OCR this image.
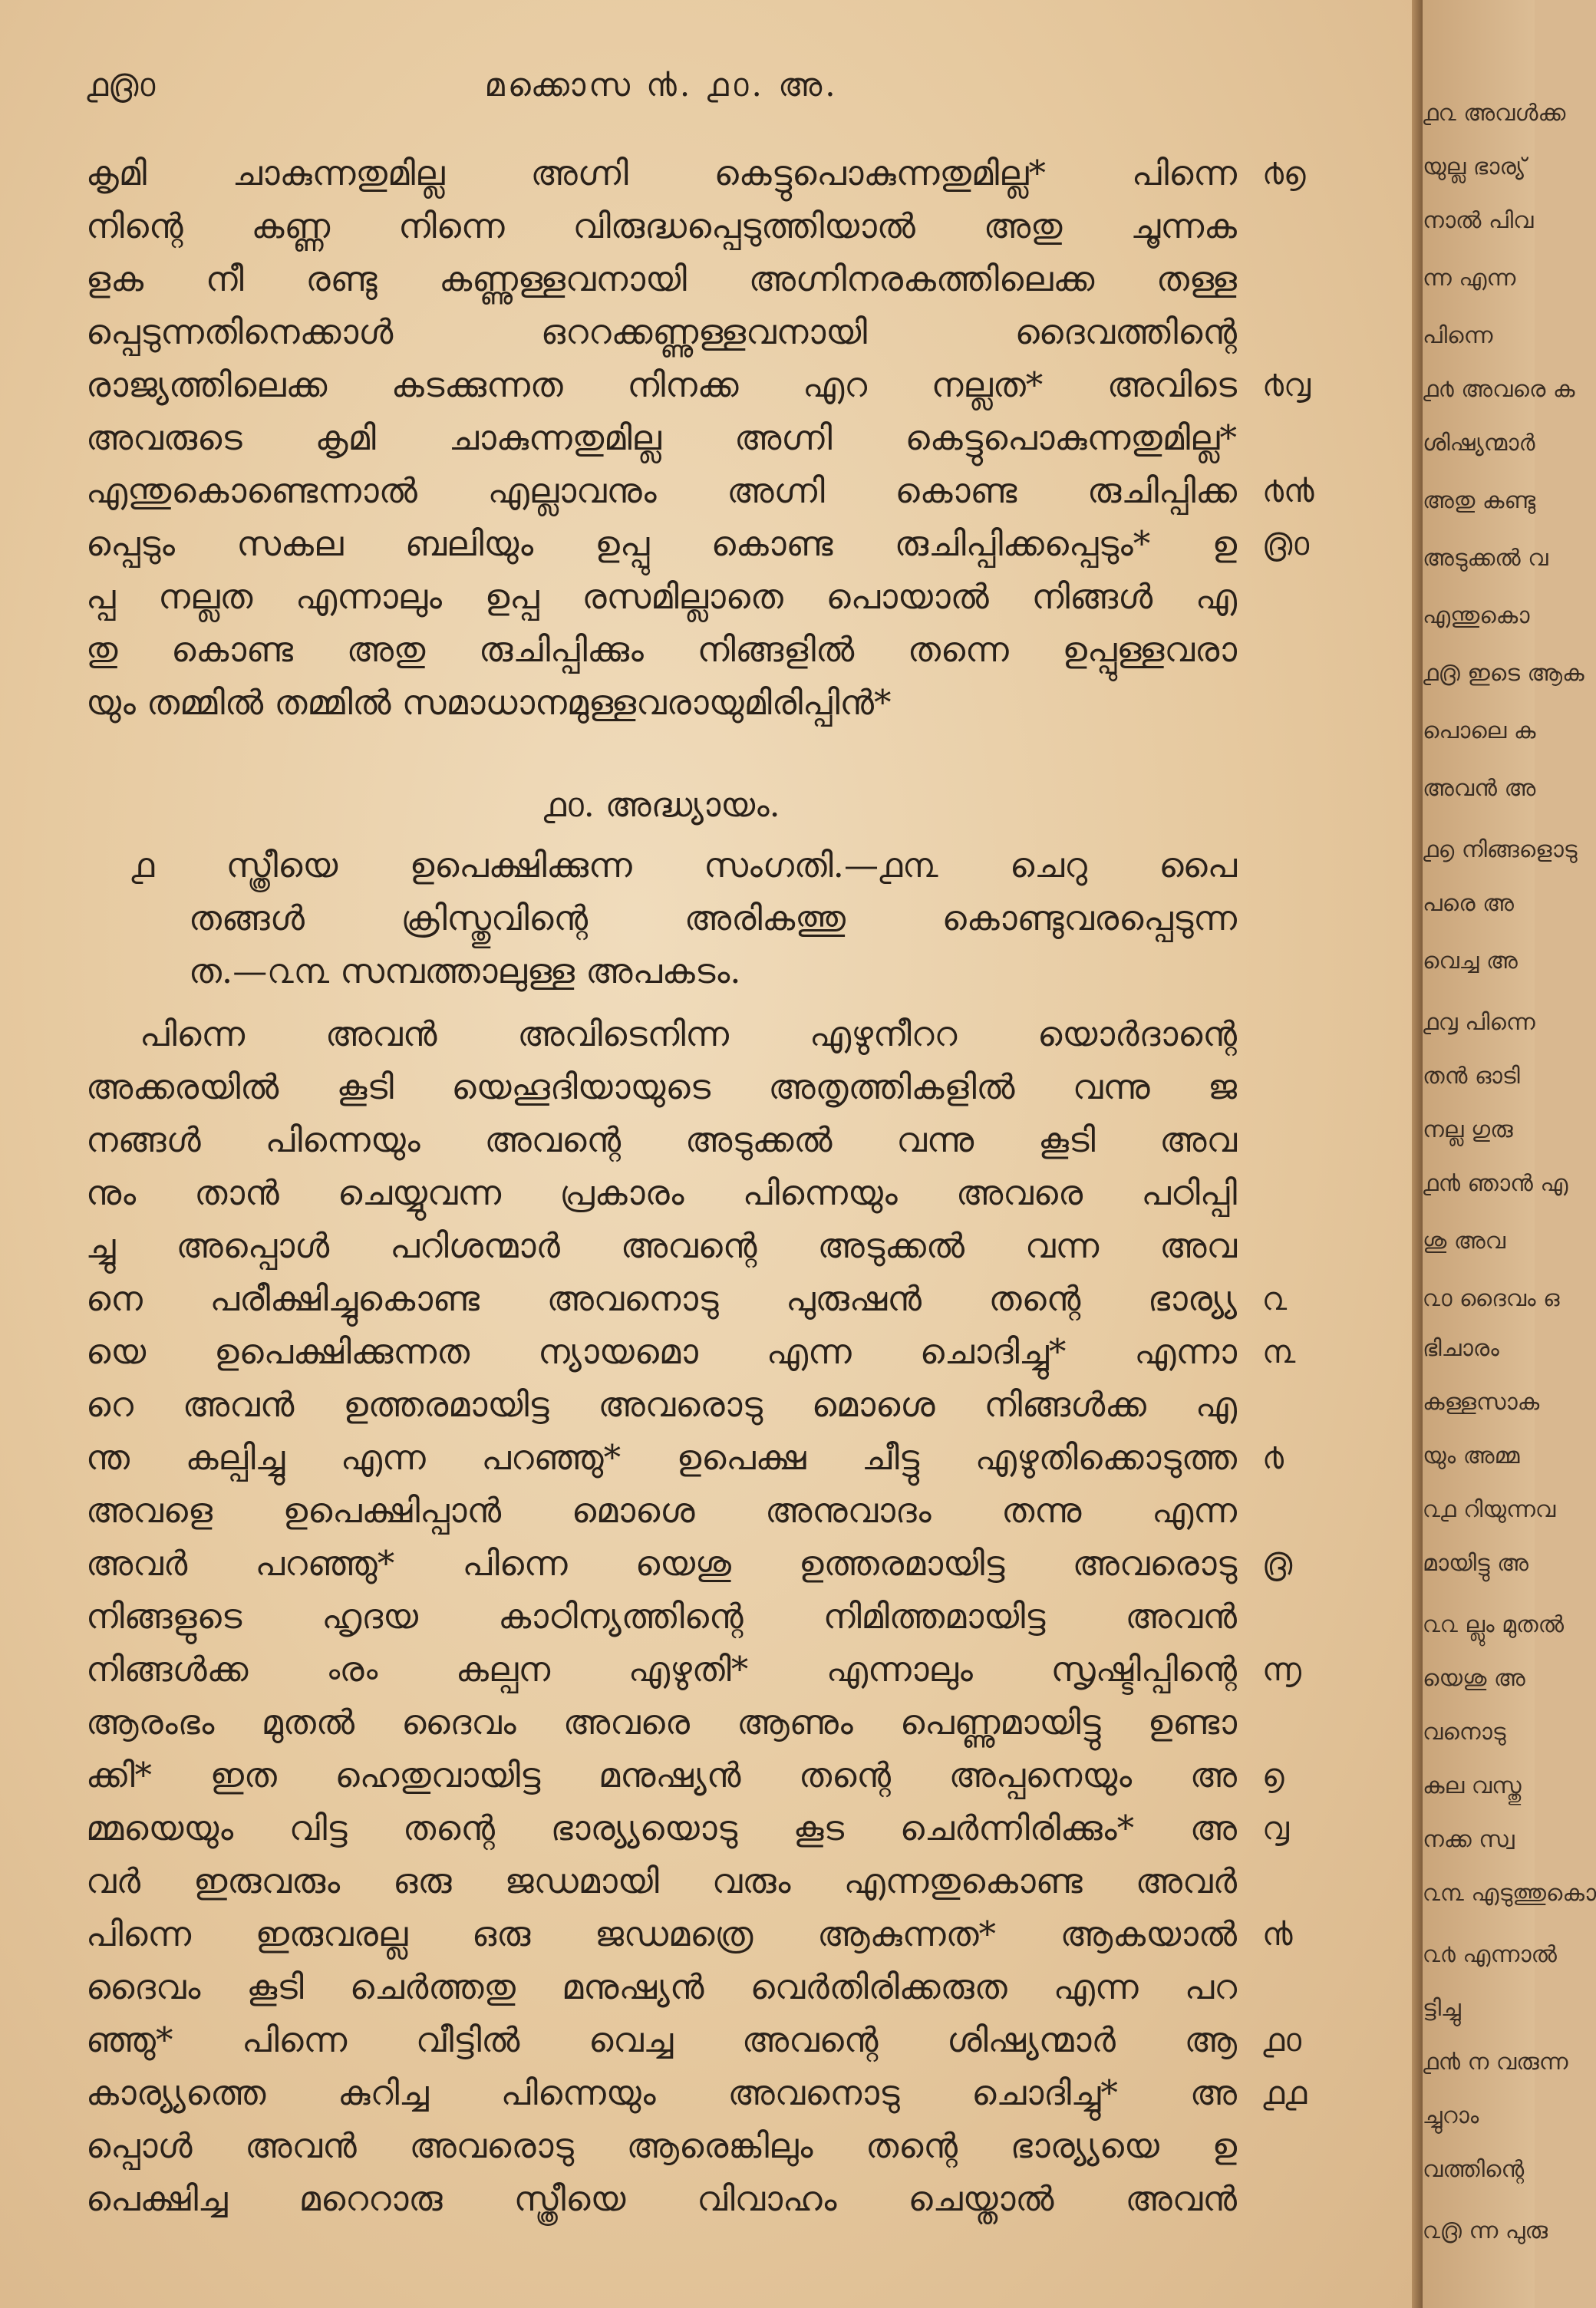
൧൫൦	മക്കൊസ ൯. ൧൦. അ.
കൃമി ചാകുന്നതുമില്ല അഗ്നി കെട്ടുപൊകുന്നതുമില്ല* പിന്നെ
നിന്റെ കണ്ണ നിന്നെ വിരുദ്ധപ്പെടുത്തിയാൽ അതു ചൂന്നക
ളക നീ രണ്ടു കണ്ണുള്ളവനായി അഗ്നിനരകത്തിലെക്ക തള്ള
പ്പെടുന്നതിനെക്കാൾ ഒററക്കണ്ണുള്ളവനായി ദൈവത്തിന്റെ
രാജ്യത്തിലെക്ക കടക്കുന്നത നിനക്ക എറ നല്ലത* അവിടെ
അവരുടെ കൃമി ചാകുന്നതുമില്ല അഗ്നി കെട്ടുപൊകുന്നതുമില്ല*
എന്തുകൊണ്ടെന്നാൽ എല്ലാവനും അഗ്നി കൊണ്ട രുചിപ്പിക്ക
പ്പെടും സകല ബലിയും ഉപ്പു കൊണ്ട രുചിപ്പിക്കപ്പെടും* ഉ
പ്പ നല്ലത എന്നാലും ഉപ്പ രസമില്ലാതെ പൊയാൽ നിങ്ങൾ എ
തു കൊണ്ട അതു രുചിപ്പിക്കും നിങ്ങളിൽ തന്നെ ഉപ്പുള്ളവരാ
യും തമ്മിൽ തമ്മിൽ സമാധാനമുള്ളവരായുമിരിപ്പിൻ*
൧൦. അദ്ധ്യായം.
൧ സ്ത്രീയെ ഉപെക്ഷിക്കുന്ന സംഗതി.—൧൩ ചെറു പൈ
തങ്ങൾ ക്രിസ്തുവിന്റെ അരികത്തു കൊണ്ടുവരപ്പെടുന്ന
ത.—൨൩ സമ്പത്താലുള്ള അപകടം.
പിന്നെ അവൻ അവിടെനിന്ന എഴുനീററ യൊർദാന്റെ
അക്കരയിൽ കൂടി യെഹൂദിയായുടെ അതൃത്തികളിൽ വന്നു ജ
നങ്ങൾ പിന്നെയും അവന്റെ അടുക്കൽ വന്നു കൂടി അവ
നും താൻ ചെയ്യുവന്ന പ്രകാരം പിന്നെയും അവരെ പഠിപ്പി
ച്ചു അപ്പൊൾ പറിശന്മാർ അവന്റെ അടുക്കൽ വന്ന അവ
നെ പരീക്ഷിച്ചുകൊണ്ട അവനൊടു പുരുഷൻ തന്റെ ഭാര്യ്യ
യെ ഉപെക്ഷിക്കുന്നത ന്യായമൊ എന്ന ചൊദിച്ചു* എന്നാ
റെ അവൻ ഉത്തരമായിട്ട അവരൊടു മൊശെ നിങ്ങൾക്ക എ
ന്ത കല്പിച്ചു എന്ന പറഞ്ഞു* ഉപെക്ഷ ചീട്ടു എഴുതിക്കൊടുത്ത
അവളെ ഉപെക്ഷിപ്പാൻ മൊശെ അനുവാദം തന്നു എന്ന
അവർ പറഞ്ഞു* പിന്നെ യെശു ഉത്തരമായിട്ട അവരൊടു
നിങ്ങളുടെ ഹൃദയ കാഠിന്യത്തിന്റെ നിമിത്തമായിട്ട അവൻ
നിങ്ങൾക്ക ൟ കല്പന എഴുതി* എന്നാലും സൃഷ്ടിപ്പിന്റെ
ആരംഭം മുതൽ ദൈവം അവരെ ആണും പെണ്ണുമായിട്ടു ഉണ്ടാ
ക്കി* ഇത ഹെതുവായിട്ട മനുഷ്യൻ തന്റെ അപ്പനെയും അ
മ്മയെയും വിട്ട തന്റെ ഭാര്യ്യയൊടു കൂട ചെർന്നിരിക്കും* അ
വർ ഇരുവരും ഒരു ജഡമായി വരും എന്നതുകൊണ്ട അവർ
പിന്നെ ഇരുവരല്ല ഒരു ജഡമത്രെ ആകുന്നത* ആകയാൽ
ദൈവം കൂടി ചെർത്തതു മനുഷ്യൻ വെർതിരിക്കരുത എന്ന പറ
ഞ്ഞു* പിന്നെ വീട്ടിൽ വെച്ച അവന്റെ ശിഷ്യന്മാർ ആ
കാര്യ്യത്തെ കുറിച്ച പിന്നെയും അവനൊടു ചൊദിച്ചു* അ
പ്പൊൾ അവൻ അവരൊടു ആരെങ്കിലും തന്റെ ഭാര്യ്യയെ ഉ
പെക്ഷിച്ച മറെറാരു സ്ത്രീയെ വിവാഹം ചെയ്താൽ അവൻ
൪൭
൪൮
൪൯
൫൦
൨
൩
൪
൫
൬
൭
൮
൯
൧൦
൧൧
൧൨ അവൾക്ക
യുല്ല ഭാര്യ്
നാൽ പിവ
ന്ന എന്ന
പിന്നെ
൧൪ അവരെ ക
ശിഷ്യന്മാർ
അതു കണ്ടു
അടുക്കൽ വ
എന്തുകൊ
൧൫ ഇടെ ആക
പൊലെ ക
അവൻ അ
൧൭ നിങ്ങളൊടു
പരെ അ
വെച്ച അ
൧൮ പിന്നെ
തൻ ഓടി
നല്ല ഗുരു
൧൯ ഞാൻ എ
ശു അവ
൨൦ ദൈവം ഒ
ഭിചാരം
കള്ളസാക
യും അമ്മ
൨൧ റിയുന്നവ
മായിട്ടു അ
൨൨ ല്ലും മുതൽ
യെശു അ
വനൊടു
കല വസ്തു
നക്ക സ്വ
൨൩ എടുത്തുകൊ
൨൪ എന്നാൽ
ട്ടിച്ചു
൧൯ ന വരുന്ന
ച്ചുറാം
വത്തിന്റെ
൨൫ ന്ന പുരു
